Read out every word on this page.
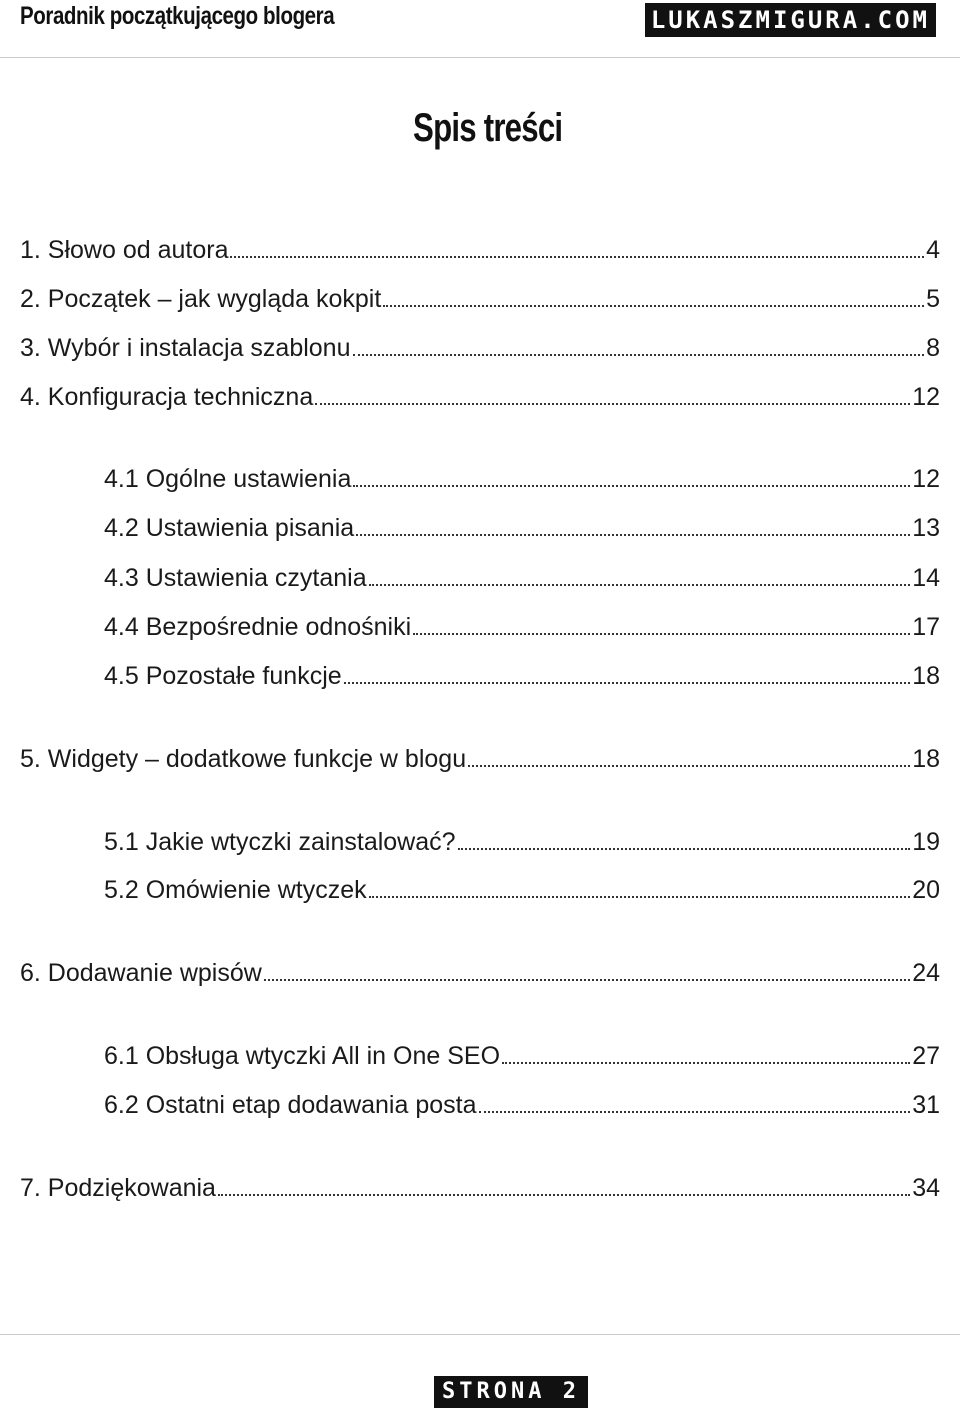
Poradnik początkującego blogera	LUKASZMIGURA.COM
Spis treści
1. Słowo od autora	4
2. Początek – jak wygląda kokpit	5
3. Wybór i instalacja szablonu	8
4. Konfiguracja techniczna	12
4.1 Ogólne ustawienia	12
4.2 Ustawienia pisania	13
4.3 Ustawienia czytania	14
4.4 Bezpośrednie odnośniki	17
4.5 Pozostałe funkcje	18
5. Widgety – dodatkowe funkcje w blogu	18
5.1 Jakie wtyczki zainstalować?	19
5.2 Omówienie wtyczek	20
6. Dodawanie wpisów	24
6.1 Obsługa wtyczki All in One SEO	27
6.2 Ostatni etap dodawania posta	31
7. Podziękowania	34
STRONA 2
